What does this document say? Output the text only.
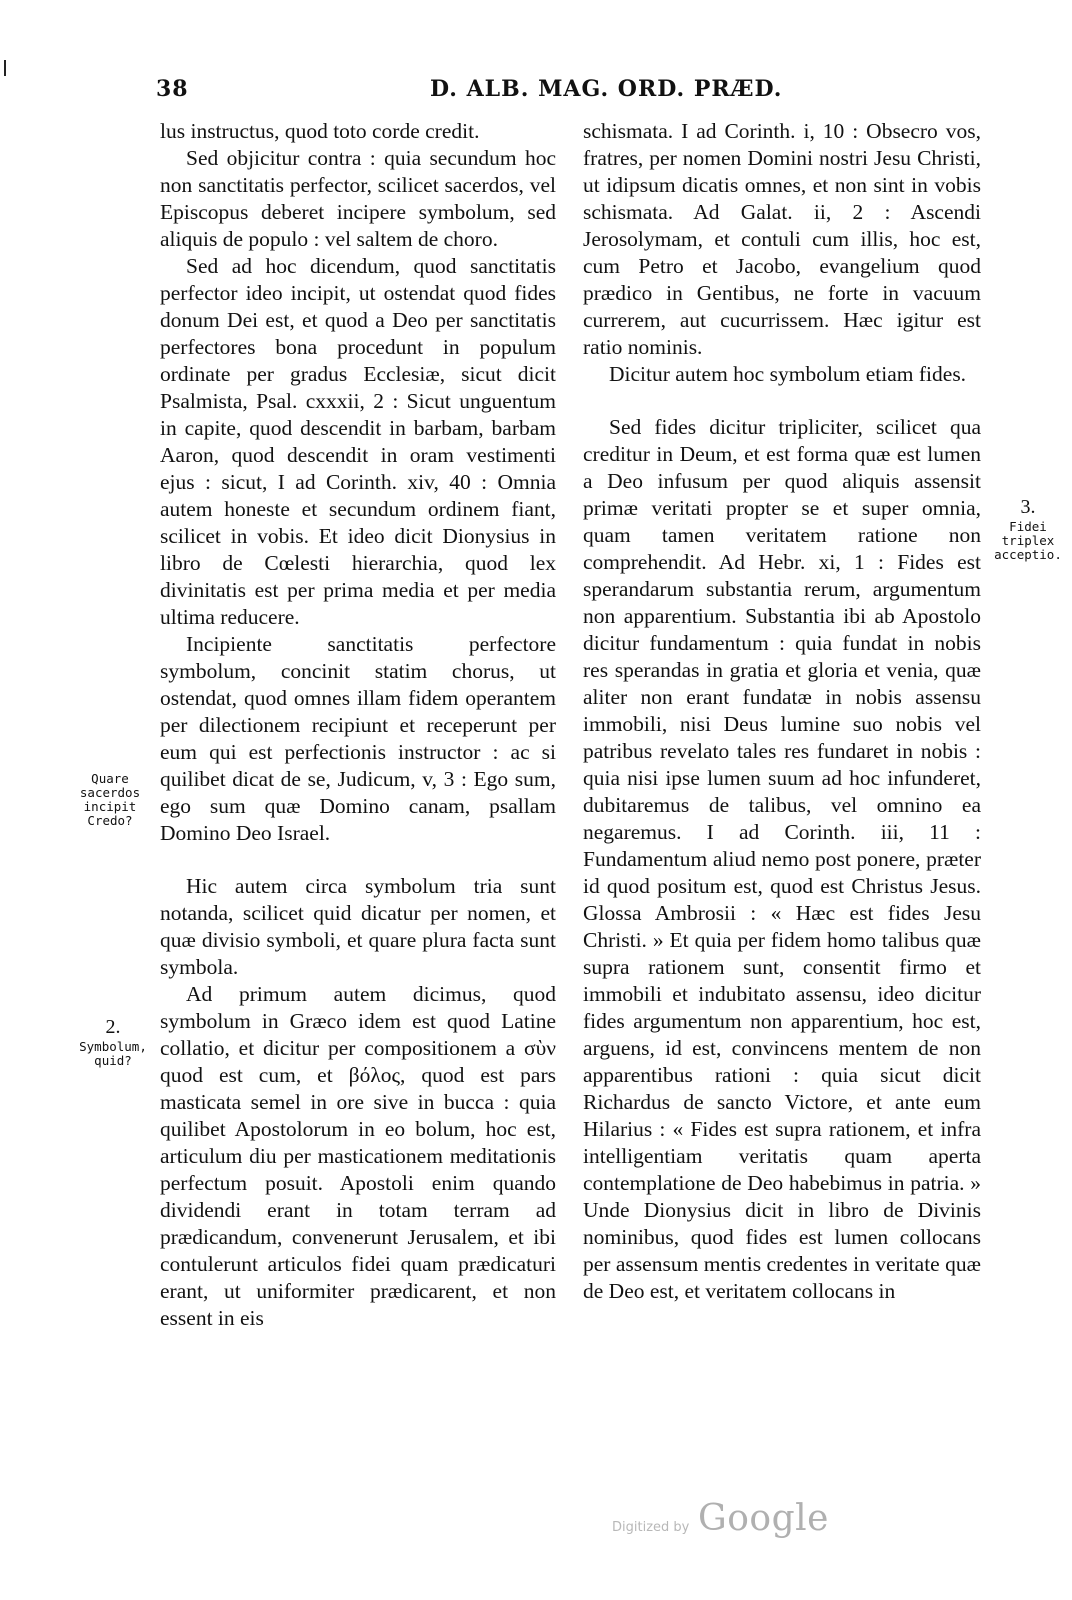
38	D. ALB. MAG. ORD. PRÆD.

lus instructus, quod toto corde credit.

Sed objicitur contra : quia secundum hoc non sanctitatis perfector, scilicet sacerdos, vel Episcopus deberet incipere symbolum, sed aliquis de populo : vel saltem de choro.

Sed ad hoc dicendum, quod sanctitatis perfector ideo incipit, ut ostendat quod fides donum Dei est, et quod a Deo per sanctitatis perfectores bona procedunt in populum ordinate per gradus Ecclesiæ, sicut dicit Psalmista, Psal. cxxxii, 2 : Sicut unguentum in capite, quod descendit in barbam, barbam Aaron, quod descendit in oram vestimenti ejus : sicut, I ad Corinth. xiv, 40 : Omnia autem honeste et secundum ordinem fiant, scilicet in vobis. Et ideo dicit Dionysius in libro de Cœlesti hierarchia, quod lex divinitatis est per prima media et per media ultima reducere.

Incipiente sanctitatis perfectore symbolum, concinit statim chorus, ut ostendat, quod omnes illam fidem operantem per dilectionem recipiunt et receperunt per eum qui est perfectionis instructor : ac si quilibet dicat de se, Judicum, v, 3 : Ego sum, ego sum quæ Domino canam, psallam Domino Deo Israel.

Hic autem circa symbolum tria sunt notanda, scilicet quid dicatur per nomen, et quæ divisio symboli, et quare plura facta sunt symbola.

Ad primum autem dicimus, quod symbolum in Græco idem est quod Latine collatio, et dicitur per compositionem a σὺν quod est cum, et βόλος, quod est pars masticata semel in ore sive in bucca : quia quilibet Apostolorum in eo bolum, hoc est, articulum diu per masticationem meditationis perfectum posuit. Apostoli enim quando dividendi erant in totam terram ad prædicandum, convenerunt Jerusalem, et ibi contulerunt articulos fidei quam prædicaturi erant, ut uniformiter prædicarent, et non essent in eis

schismata. I ad Corinth. i, 10 : Obsecro vos, fratres, per nomen Domini nostri Jesu Christi, ut idipsum dicatis omnes, et non sint in vobis schismata. Ad Galat. ii, 2 : Ascendi Jerosolymam, et contuli cum illis, hoc est, cum Petro et Jacobo, evangelium quod prædico in Gentibus, ne forte in vacuum currerem, aut cucurrissem. Hæc igitur est ratio nominis.

Dicitur autem hoc symbolum etiam fides.

Sed fides dicitur tripliciter, scilicet qua creditur in Deum, et est forma quæ est lumen a Deo infusum per quod aliquis assensit primæ veritati propter se et super omnia, quam tamen veritatem ratione non comprehendit. Ad Hebr. xi, 1 : Fides est sperandarum substantia rerum, argumentum non apparentium. Substantia ibi ab Apostolo dicitur fundamentum : quia fundat in nobis res sperandas in gratia et gloria et venia, quæ aliter non erant fundatæ in nobis assensu immobili, nisi Deus lumine suo nobis vel patribus revelato tales res fundaret in nobis : quia nisi ipse lumen suum ad hoc infunderet, dubitaremus de talibus, vel omnino ea negaremus. I ad Corinth. iii, 11 : Fundamentum aliud nemo post ponere, præter id quod positum est, quod est Christus Jesus. Glossa Ambrosii : « Hæc est fides Jesu Christi. » Et quia per fidem homo talibus quæ supra rationem sunt, consentit firmo et immobili et indubitato assensu, ideo dicitur fides argumentum non apparentium, hoc est, arguens, id est, convincens mentem de non apparentibus rationi : quia sicut dicit Richardus de sancto Victore, et ante eum Hilarius : « Fides est supra rationem, et infra intelligentiam veritatis quam aperta contemplatione de Deo habebimus in patria. » Unde Dionysius dicit in libro de Divinis nominibus, quod fides est lumen collocans per assensum mentis credentes in veritate quæ de Deo est, et veritatem collocans in

Quare sacerdos incipit Credo?
2.
Symbolum, quid?
3.
Fidei triplex acceptio.
Digitized by Google
